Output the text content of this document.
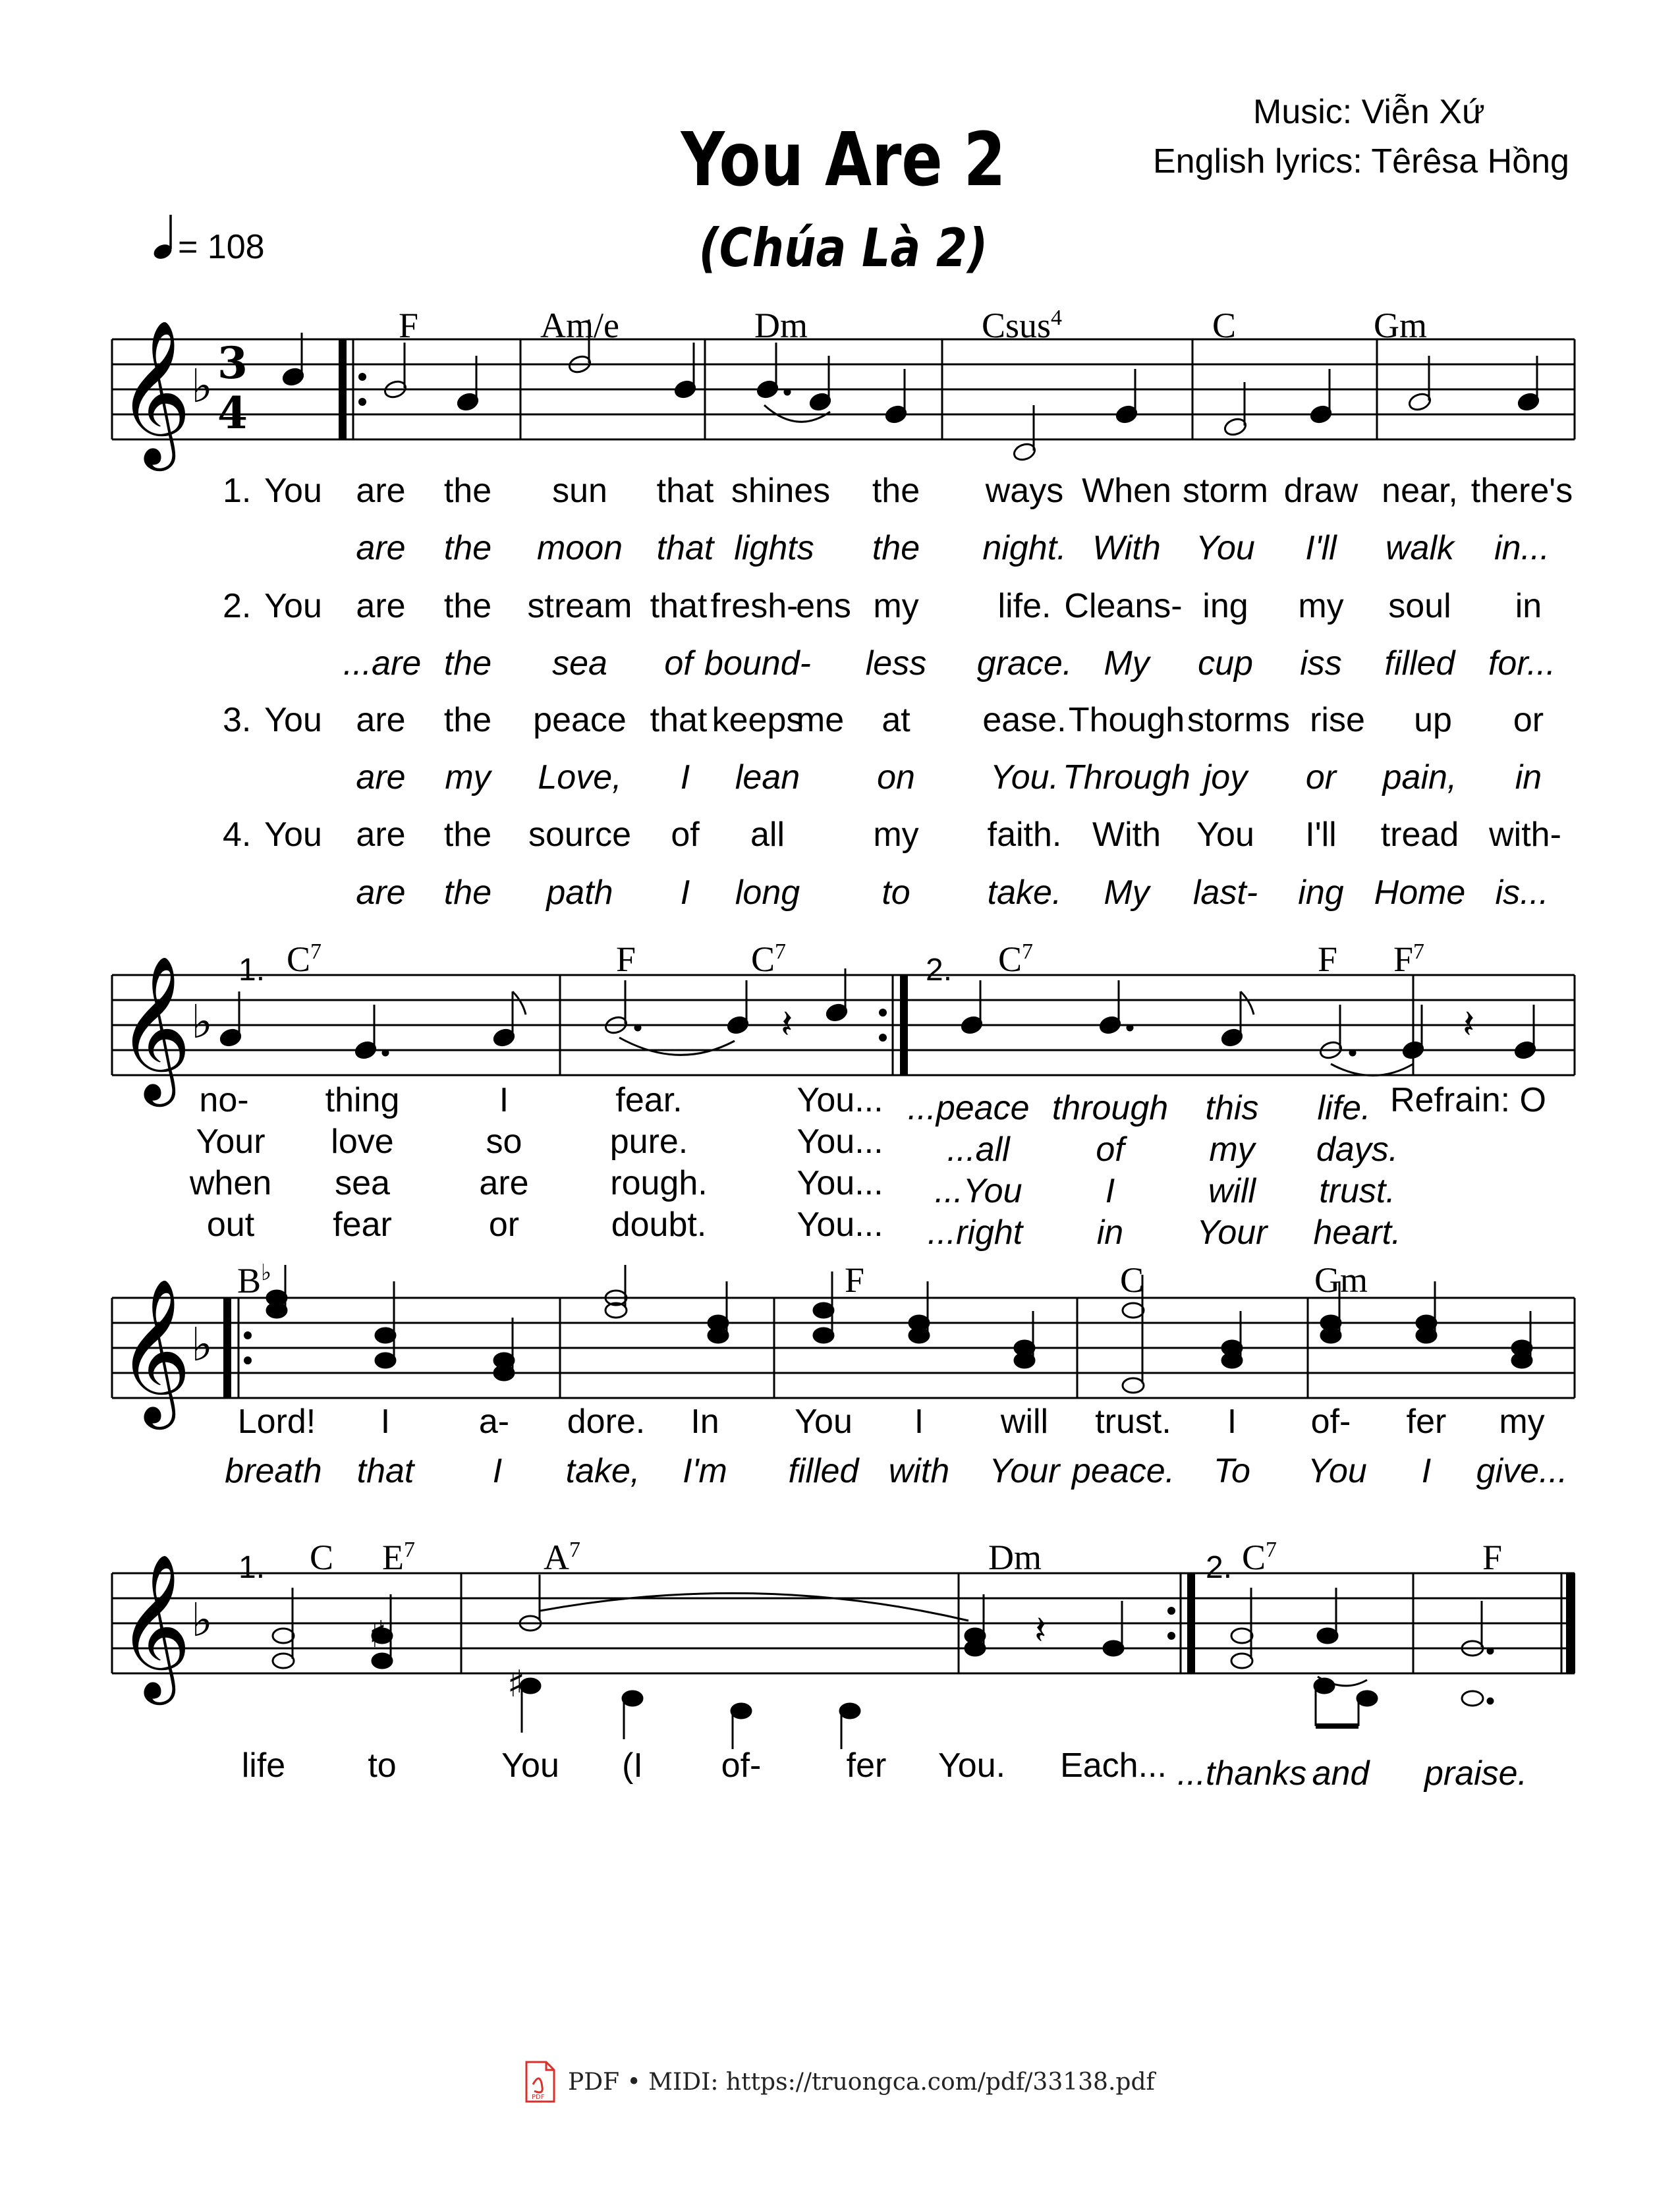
Music: Viễn Xứ
English lyrics: Têrêsa Hồng
You Are 2
(Chúa Là 2)
= 108
𝄞 ♭ 3
4
F	Am/e	Dm	Csus$^4$	C	Gm
1. You are the sun that shines the ways When storm draw near, there's
are the moon that lights the night. With You I'll walk in...
2. You are the stream that fresh-
ens my life. Cleans- ing my soul in
...are the sea of bound- less grace. My cup iss filled for...
3. You are the peace that keeps
me at ease. Though storms rise up or
are my Love, I lean on You. Through joy or pain, in
4. You are the source of all	my faith. With You I'll tread with-
are the path I long to take. My last- ing Home is...
𝄞 ♭	𝄽	𝄽
1.	2.
$C^7$	F	$C^7$	$C^7$	F $F^7$
no- thing	I	fear.	You...
Your love	so	pure.	You...
when sea	are rough.	You...
out fear	or	doubt.	You...
...peace through this life.
...all	of my days.
...You I	will trust.
...right in Your heart.
Refrain: O
𝄞 ♭
B♭	F	C	Gm
Lord! I	a- dore. In You I will trust. I of- fer my
breath that I take, I'm filled with Your peace. To You I give...
𝄞 ♭	♯
♯
𝄽
1.	2.
C $E^7$	$A^7$	Dm	$C^7$	F
life to	You (I of- fer You. Each... ...thanks and praise.
PDF
PDF • MIDI: https://truongca.com/pdf/33138.pdf
